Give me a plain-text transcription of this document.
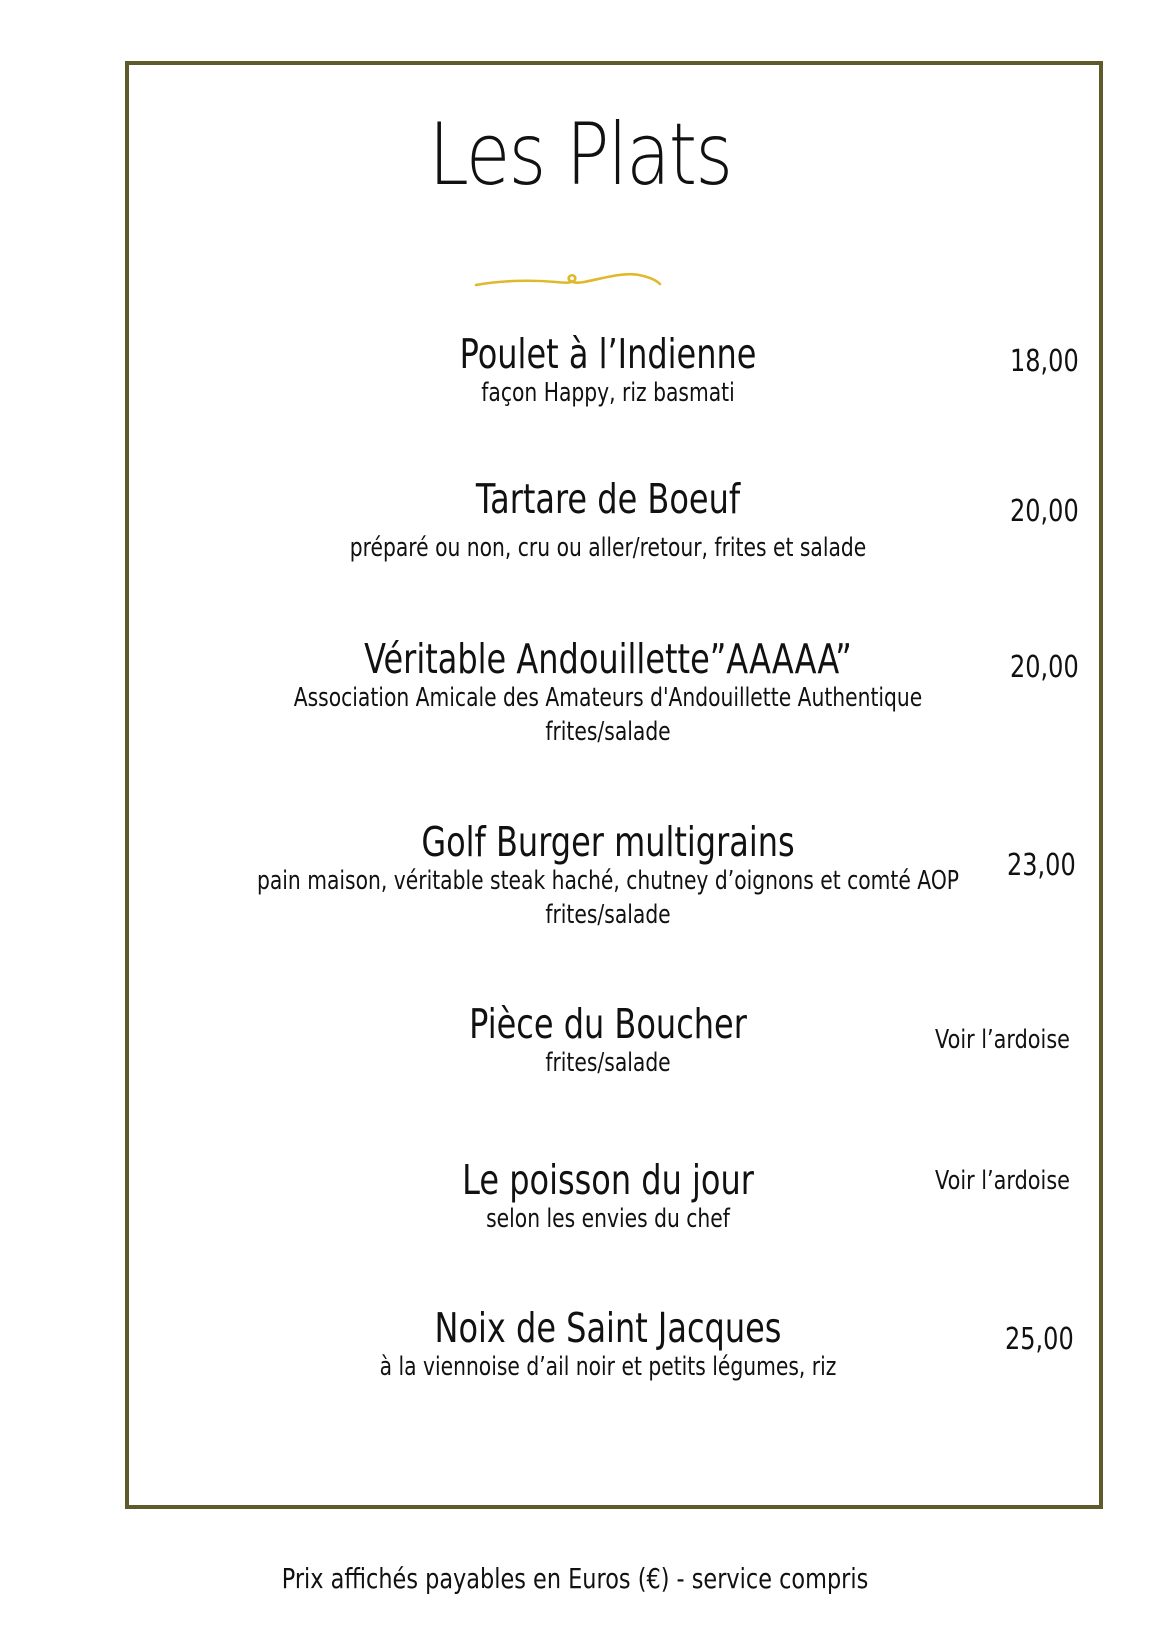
Les Plats
Poulet à l’Indienne
façon Happy, riz basmati
18,00
Tartare de Boeuf
préparé ou non, cru ou aller/retour, frites et salade
20,00
Véritable Andouillette”AAAAA”
Association Amicale des Amateurs d'Andouillette Authentique
frites/salade
20,00
Golf Burger multigrains
pain maison, véritable steak haché, chutney d’oignons et comté AOP
frites/salade
23,00
Pièce du Boucher
frites/salade
Voir l’ardoise
Le poisson du jour
selon les envies du chef
Voir l’ardoise
Noix de Saint Jacques
à la viennoise d’ail noir et petits légumes, riz
25,00
Prix affichés payables en Euros (€) - service compris
